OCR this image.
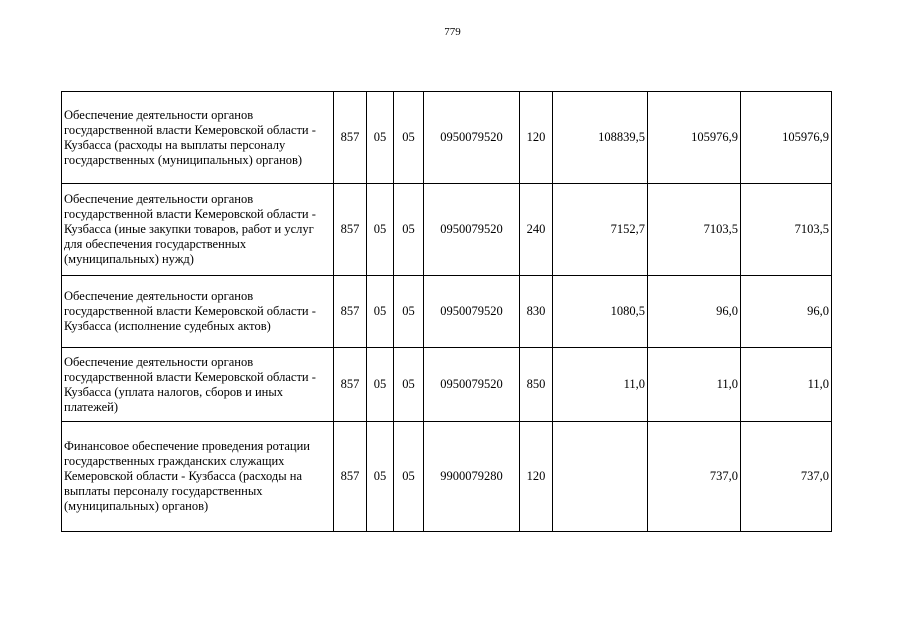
779
Обеспечение деятельности органов государственной власти Кемеровской области - Кузбасса (расходы на выплаты персоналу государственных (муниципальных) органов)	857	05	05	0950079520	120	108839,5	105976,9	105976,9
Обеспечение деятельности органов государственной власти Кемеровской области - Кузбасса (иные закупки товаров, работ и услуг для обеспечения государственных (муниципальных) нужд)	857	05	05	0950079520	240	7152,7	7103,5	7103,5
Обеспечение деятельности органов государственной власти Кемеровской области - Кузбасса (исполнение судебных актов)	857	05	05	0950079520	830	1080,5	96,0	96,0
Обеспечение деятельности органов государственной власти Кемеровской области - Кузбасса (уплата налогов, сборов и иных платежей)	857	05	05	0950079520	850	11,0	11,0	11,0
Финансовое обеспечение проведения ротации государственных гражданских служащих Кемеровской области - Кузбасса (расходы на выплаты персоналу государственных (муниципальных) органов)	857	05	05	9900079280	120		737,0	737,0
